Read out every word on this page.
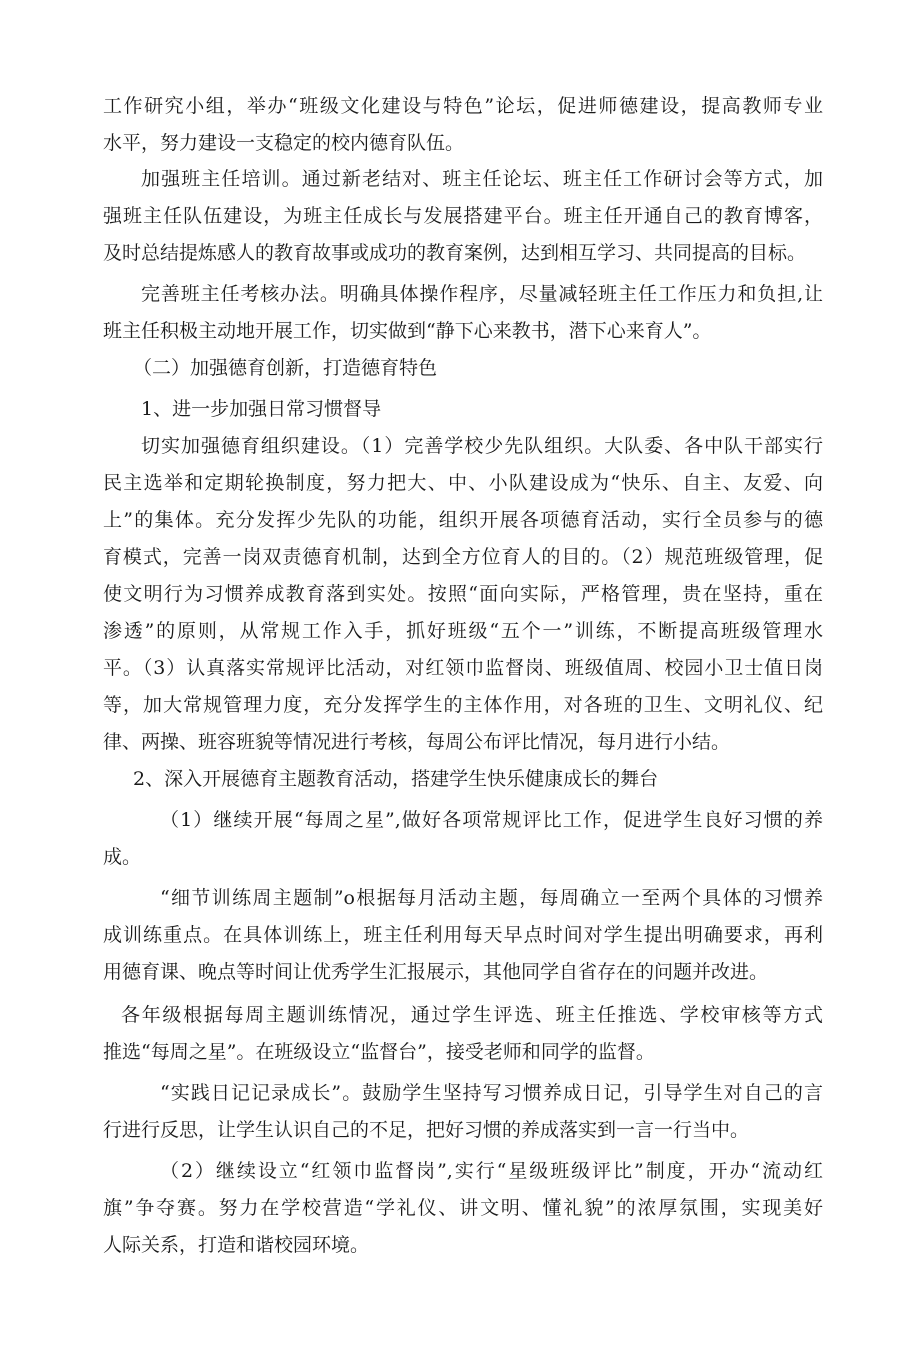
工作研究小组，举办“班级文化建设与特色”论坛，促进师德建设，提高教师专业
水平，努力建设一支稳定的校内德育队伍。
加强班主任培训。通过新老结对、班主任论坛、班主任工作研讨会等方式，加
强班主任队伍建设，为班主任成长与发展搭建平台。班主任开通自己的教育博客，
及时总结提炼感人的教育故事或成功的教育案例，达到相互学习、共同提高的目标。
完善班主任考核办法。明确具体操作程序，尽量减轻班主任工作压力和负担,让
班主任积极主动地开展工作，切实做到“静下心来教书，潜下心来育人”。
（二）加强德育创新，打造德育特色
1、进一步加强日常习惯督导
切实加强德育组织建设。（1）完善学校少先队组织。大队委、各中队干部实行
民主选举和定期轮换制度，努力把大、中、小队建设成为“快乐、自主、友爱、向
上”的集体。充分发挥少先队的功能，组织开展各项德育活动，实行全员参与的德
育模式，完善一岗双责德育机制，达到全方位育人的目的。（2）规范班级管理，促
使文明行为习惯养成教育落到实处。按照“面向实际，严格管理，贵在坚持，重在
渗透”的原则，从常规工作入手，抓好班级“五个一”训练，不断提高班级管理水
平。（3）认真落实常规评比活动，对红领巾监督岗、班级值周、校园小卫士值日岗
等，加大常规管理力度，充分发挥学生的主体作用，对各班的卫生、文明礼仪、纪
律、两操、班容班貌等情况进行考核，每周公布评比情况，每月进行小结。
2、深入开展德育主题教育活动，搭建学生快乐健康成长的舞台
（1）继续开展“每周之星”,做好各项常规评比工作，促进学生良好习惯的养
成。
“细节训练周主题制”o根据每月活动主题，每周确立一至两个具体的习惯养
成训练重点。在具体训练上，班主任利用每天早点时间对学生提出明确要求，再利
用德育课、晚点等时间让优秀学生汇报展示，其他同学自省存在的问题并改进。
各年级根据每周主题训练情况，通过学生评选、班主任推选、学校审核等方式
推选“每周之星”。在班级设立“监督台”，接受老师和同学的监督。
“实践日记记录成长”。鼓励学生坚持写习惯养成日记，引导学生对自己的言
行进行反思，让学生认识自己的不足，把好习惯的养成落实到一言一行当中。
（2）继续设立“红领巾监督岗”,实行“星级班级评比”制度，开办“流动红
旗”争夺赛。努力在学校营造“学礼仪、讲文明、懂礼貌”的浓厚氛围，实现美好
人际关系，打造和谐校园环境。
